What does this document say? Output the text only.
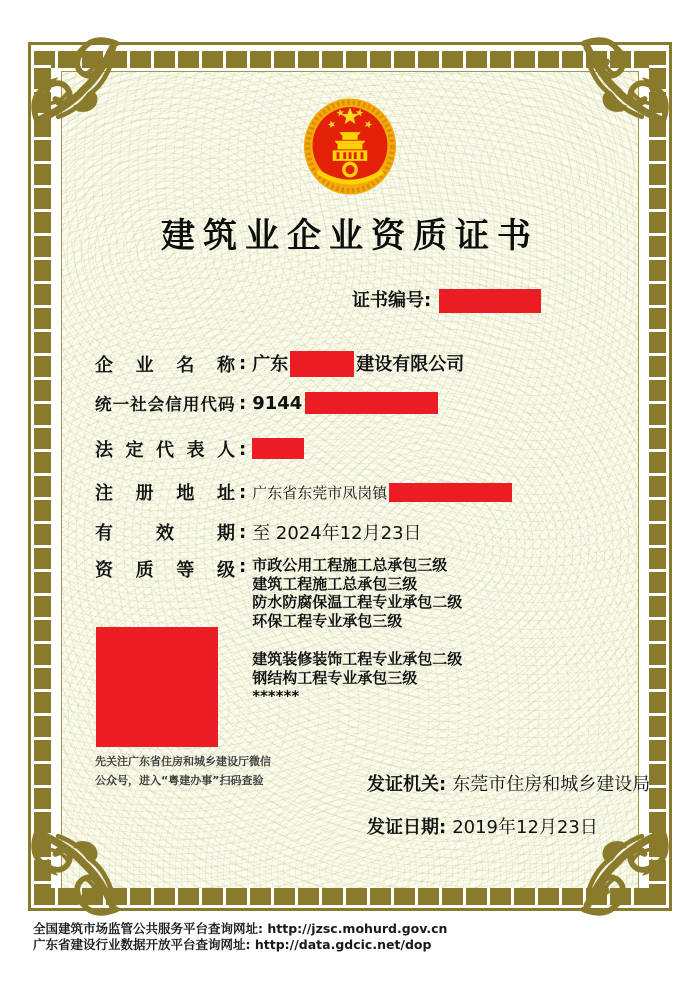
建筑业企业资质证书
证书编号:
企业名称 : 广东	建设有限公司
统一社会信用代码 : 9144
法定代表人 :
注册地址 : 广东省东莞市凤岗镇
有效期 : 至 2024年12月23日
资质等级 : 市政公用工程施工总承包三级
建筑工程施工总承包三级
防水防腐保温工程专业承包二级
环保工程专业承包三级
建筑装修装饰工程专业承包二级
钢结构工程专业承包三级
******
先关注广东省住房和城乡建设厅微信
公众号，进入“粤建办事”扫码查验	发证机关: 东莞市住房和城乡建设局
发证日期: 2019年12月23日
全国建筑市场监管公共服务平台查询网址: http://jzsc.mohurd.gov.cn
广东省建设行业数据开放平台查询网址: http://data.gdcic.net/dop
